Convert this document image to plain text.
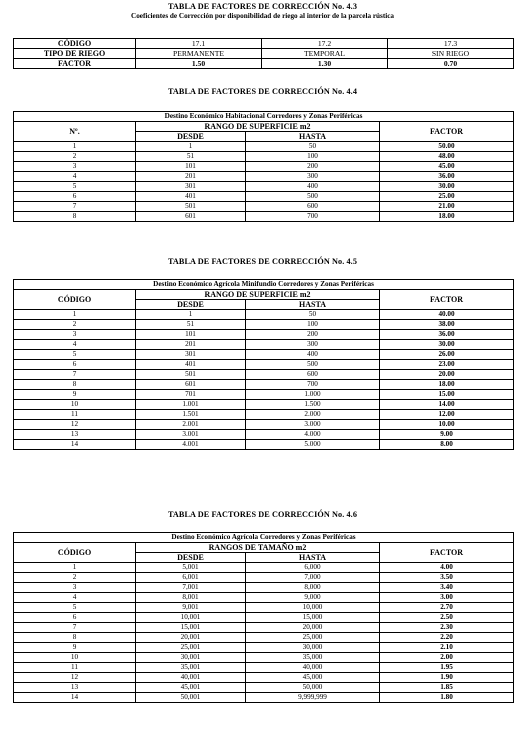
TABLA DE FACTORES DE CORRECCIÓN No. 4.3
Coeficientes de Corrección por disponibilidad de riego al interior de la parcela rústica
CÓDIGO	17.1	17.2	17.3
TIPO DE RIEGO	PERMANENTE	TEMPORAL	SIN RIEGO
FACTOR	1.50	1.30	0.70
TABLA DE FACTORES DE CORRECCIÓN No. 4.4
Destino Económico Habitacional Corredores y Zonas Periféricas			
Nº.	RANGO DE SUPERFICIE m2		FACTOR
	DESDE	HASTA	
1	1	50	50.00
2	51	100	48.00
3	101	200	45.00
4	201	300	36.00
5	301	400	30.00
6	401	500	25.00
7	501	600	21.00
8	601	700	18.00
TABLA DE FACTORES DE CORRECCIÓN No. 4.5
Destino Económico Agrícola Minifundio Corredores y Zonas Periféricas			
CÓDIGO	RANGO DE SUPERFICIE m2		FACTOR
	DESDE	HASTA	
1	1	50	40.00
2	51	100	38.00
3	101	200	36.00
4	201	300	30.00
5	301	400	26.00
6	401	500	23.00
7	501	600	20.00
8	601	700	18.00
9	701	1.000	15.00
10	1.001	1.500	14.00
11	1.501	2.000	12.00
12	2.001	3.000	10.00
13	3.001	4.000	9.00
14	4.001	5.000	8.00
TABLA DE FACTORES DE CORRECCIÓN No. 4.6
Destino Económico Agrícola Corredores y Zonas Periféricas			
CÓDIGO	RANGOS DE TAMAÑO m2		FACTOR
	DESDE	HASTA	
1	5,001	6,000	4.00
2	6,001	7,000	3.50
3	7,001	8,000	3.40
4	8,001	9,000	3.00
5	9,001	10,000	2.70
6	10,001	15,000	2.50
7	15,001	20,000	2.30
8	20,001	25,000	2.20
9	25,001	30,000	2.10
10	30,001	35,000	2.00
11	35,001	40,000	1.95
12	40,001	45,000	1.90
13	45,001	50,000	1.85
14	50,001	9,999,999	1.80
